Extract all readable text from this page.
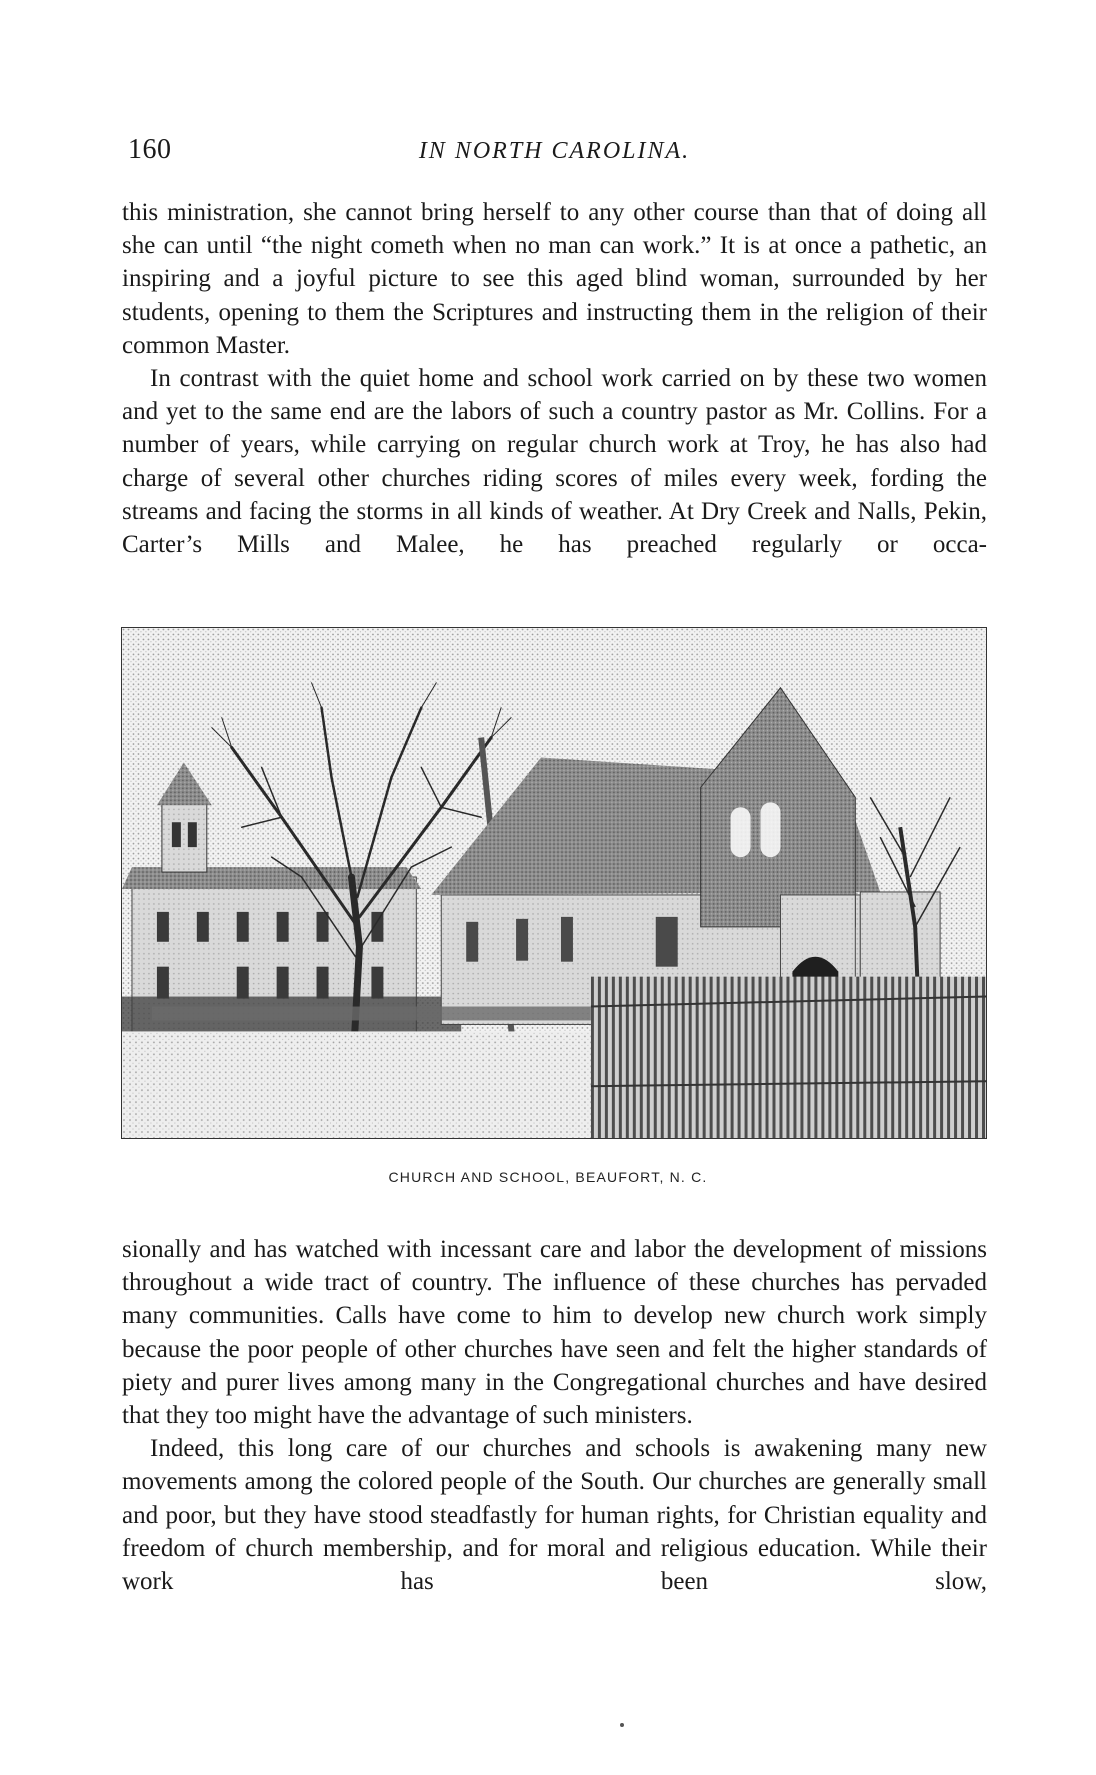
160	IN NORTH CAROLINA.

this ministration, she cannot bring herself to any other course than that of doing all she can until “the night cometh when no man can work.” It is at once a pathetic, an inspiring and a joyful picture to see this aged blind woman, surrounded by her students, opening to them the Scriptures and instructing them in the religion of their common Master.

In contrast with the quiet home and school work carried on by these two women and yet to the same end are the labors of such a country pastor as Mr. Collins. For a number of years, while carrying on regular church work at Troy, he has also had charge of several other churches riding scores of miles every week, fording the streams and facing the storms in all kinds of weather. At Dry Creek and Nalls, Pekin, Carter’s Mills and Malee, he has preached regularly or occa-

CHURCH AND SCHOOL, BEAUFORT, N. C.

sionally and has watched with incessant care and labor the development of missions throughout a wide tract of country. The influence of these churches has pervaded many communities. Calls have come to him to develop new church work simply because the poor people of other churches have seen and felt the higher standards of piety and purer lives among many in the Congregational churches and have desired that they too might have the advantage of such ministers.

Indeed, this long care of our churches and schools is awakening many new movements among the colored people of the South. Our churches are generally small and poor, but they have stood steadfastly for human rights, for Christian equality and freedom of church membership, and for moral and religious education. While their work has been slow,
